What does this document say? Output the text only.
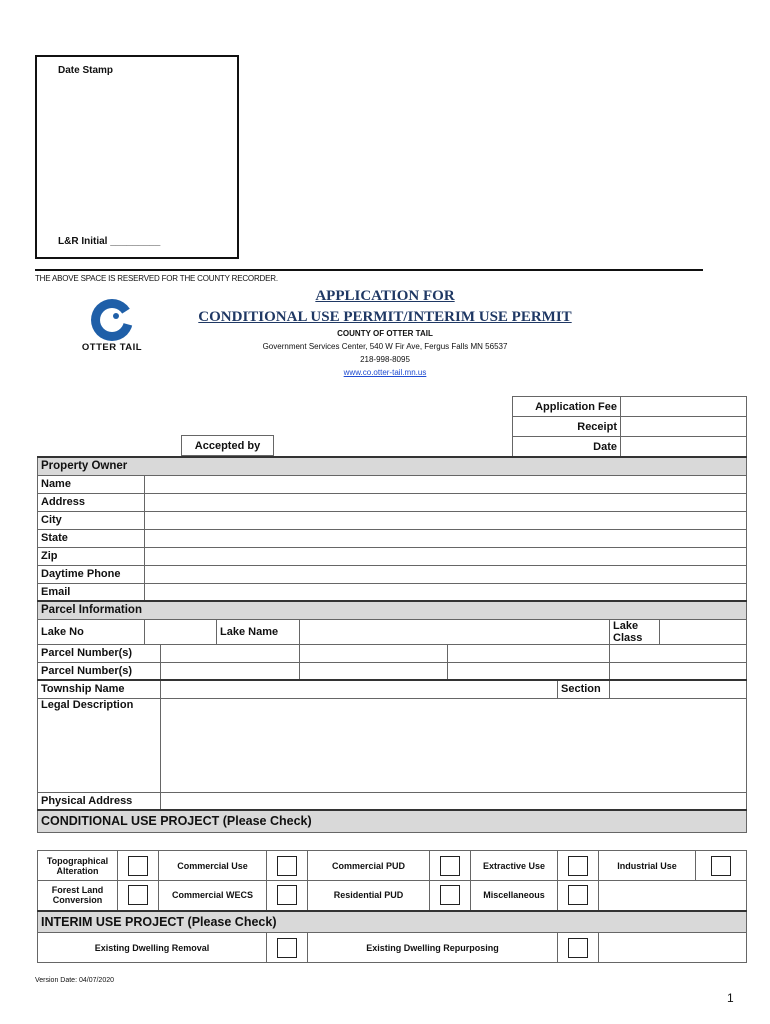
Date Stamp
L&R Initial _________
THE ABOVE SPACE IS RESERVED FOR THE COUNTY RECORDER.
OTTER TAIL
APPLICATION FOR
CONDITIONAL USE PERMIT/INTERIM USE PERMIT
COUNTY OF OTTER TAIL
Government Services Center, 540 W Fir Ave, Fergus Falls MN 56537
218-998-8095
www.co.otter-tail.mn.us
Application Fee	
Receipt	
Date	
Accepted by
Property Owner								
Name								
Address								
City								
State								
Zip								
Daytime Phone								
Email								
Parcel Information								
Lake No			Lake Name				Lake Class	
Parcel Number(s)								
Parcel Number(s)								
Township Name						Section		
Legal Description								
Physical Address								
CONDITIONAL USE PROJECT (Please Check)								
Topographical Alteration		Commercial Use		Commercial PUD		Extractive Use		Industrial Use	
Forest Land Conversion		Commercial WECS		Residential PUD		Miscellaneous			
INTERIM USE PROJECT (Please Check)									
Existing Dwelling Removal				Existing Dwelling Repurposing					
Version Date: 04/07/2020
1
